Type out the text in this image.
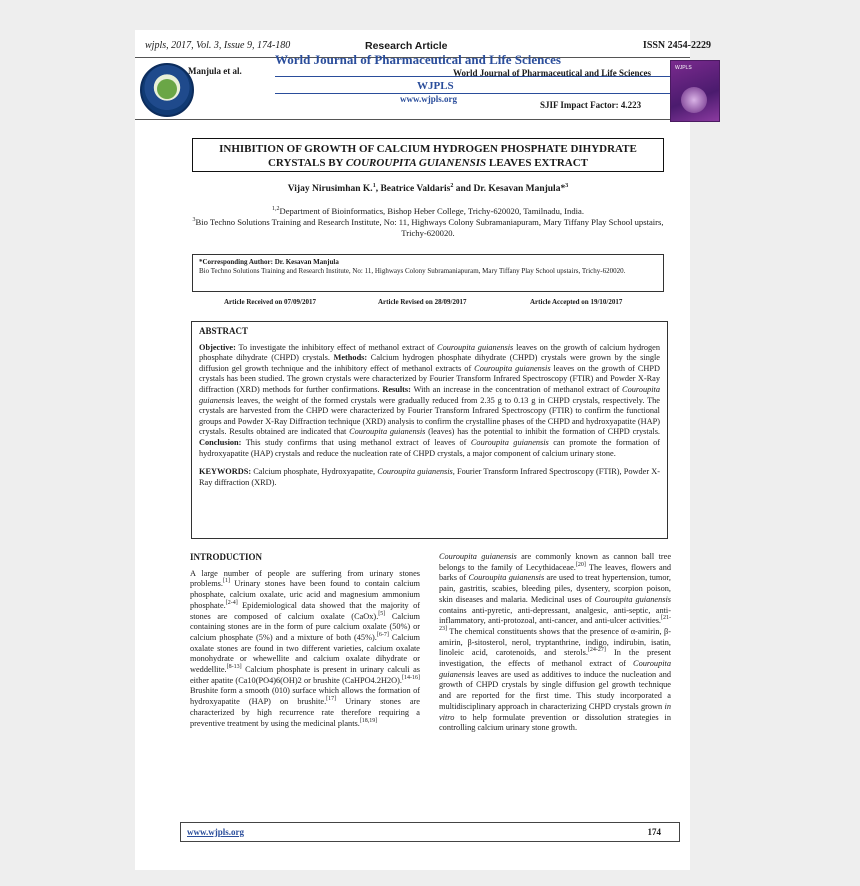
wjpls, 2017, Vol. 3, Issue 9, 174-180	Research Article	ISSN 2454-2229
Manjula et al.
World Journal of Pharmaceutical and Life Sciences
World Journal of Pharmaceutical and Life Sciences
WJPLS
www.wjpls.org
SJIF Impact Factor: 4.223
WJPLS
INHIBITION OF GROWTH OF CALCIUM HYDROGEN PHOSPHATE DIHYDRATE
CRYSTALS BY COUROUPITA GUIANENSIS LEAVES EXTRACT
Vijay Nirusimhan K.$^1$, Beatrice Valdaris$^2$ and Dr. Kesavan Manjula*$^3$
$^{1,2}$Department of Bioinformatics, Bishop Heber College, Trichy-620020, Tamilnadu, India.
$^3$Bio Techno Solutions Training and Research Institute, No: 11, Highways Colony Subramaniapuram, Mary Tiffany Play School upstairs, Trichy-620020.
*Corresponding Author: Dr. Kesavan Manjula
Bio Techno Solutions Training and Research Institute, No: 11, Highways Colony Subramaniapuram, Mary Tiffany Play School upstairs, Trichy-620020.
Article Received on 07/09/2017	Article Revised on 28/09/2017	Article Accepted on 19/10/2017
ABSTRACT
Objective: To investigate the inhibitory effect of methanol extract of Couroupita guianensis leaves on the growth of calcium hydrogen phosphate dihydrate (CHPD) crystals. Methods: Calcium hydrogen phosphate dihydrate (CHPD) crystals were grown by the single diffusion gel growth technique and the inhibitory effect of methanol extracts of Couroupita guianensis leaves on the growth of CHPD crystals has been studied. The grown crystals were characterized by Fourier Transform Infrared Spectroscopy (FTIR) and Powder X-Ray diffraction (XRD) methods for further confirmations. Results: With an increase in the concentration of methanol extract of Couroupita guianensis leaves, the weight of the formed crystals were gradually reduced from 2.35 g to 0.13 g in CHPD crystals, respectively. The crystals are harvested from the CHPD were characterized by Fourier Transform Infrared Spectroscopy (FTIR) to confirm the functional groups and Powder X-Ray Diffraction technique (XRD) analysis to confirm the crystalline phases of the CHPD and hydroxyapatite (HAP) crystals. Results obtained are indicated that Couroupita guianensis (leaves) has the potential to inhibit the formation of CHPD crystals. Conclusion: This study confirms that using methanol extract of leaves of Couroupita guianensis can promote the formation of hydroxyapatite (HAP) crystals and reduce the nucleation rate of CHPD crystals, a major component of calcium urinary stone.
KEYWORDS: Calcium phosphate, Hydroxyapatite, Couroupita guianensis, Fourier Transform Infrared Spectroscopy (FTIR), Powder X-Ray diffraction (XRD).
INTRODUCTION
A large number of people are suffering from urinary stones problems.[1] Urinary stones have been found to contain calcium phosphate, calcium oxalate, uric acid and magnesium ammonium phosphate.[2-4] Epidemiological data showed that the majority of stones are composed of calcium oxalate (CaOx).[5] Calcium containing stones are in the form of pure calcium oxalate (50%) or calcium phosphate (5%) and a mixture of both (45%).[6-7] Calcium oxalate stones are found in two different varieties, calcium oxalate monohydrate or whewellite and calcium oxalate dihydrate or weddellite.[8-13] Calcium phosphate is present in urinary calculi as either apatite (Ca10(PO4)6(OH)2 or brushite (CaHPO4.2H2O).[14-16] Brushite form a smooth (010) surface which allows the formation of hydroxyapatite (HAP) on brushite.[17] Urinary stones are characterized by high recurrence rate therefore requiring a preventive treatment by using the medicinal plants.[18,19]
Couroupita guianensis are commonly known as cannon ball tree belongs to the family of Lecythidaceae.[20] The leaves, flowers and barks of Couroupita guianensis are used to treat hypertension, tumor, pain, gastritis, scabies, bleeding piles, dysentery, scorpion poison, skin diseases and malaria. Medicinal uses of Couroupita guianensis contains anti-pyretic, anti-depressant, analgesic, anti-septic, anti-inflammatory, anti-protozoal, anti-cancer, and anti-ulcer activities.[21-23] The chemical constituents shows that the presence of α-amirin, β-amirin, β-sitosterol, nerol, tryptanthrine, indigo, indirubin, isatin, linoleic acid, carotenoids, and sterols.[24-27] In the present investigation, the effects of methanol extract of Couroupita guianensis leaves are used as additives to induce the nucleation and growth of CHPD crystals by single diffusion gel growth technique and are reported for the first time. This study incorporated a multidisciplinary approach in characterizing CHPD crystals grown in vitro to help formulate prevention or dissolution strategies in controlling calcium urinary stone growth.
www.wjpls.org	174
